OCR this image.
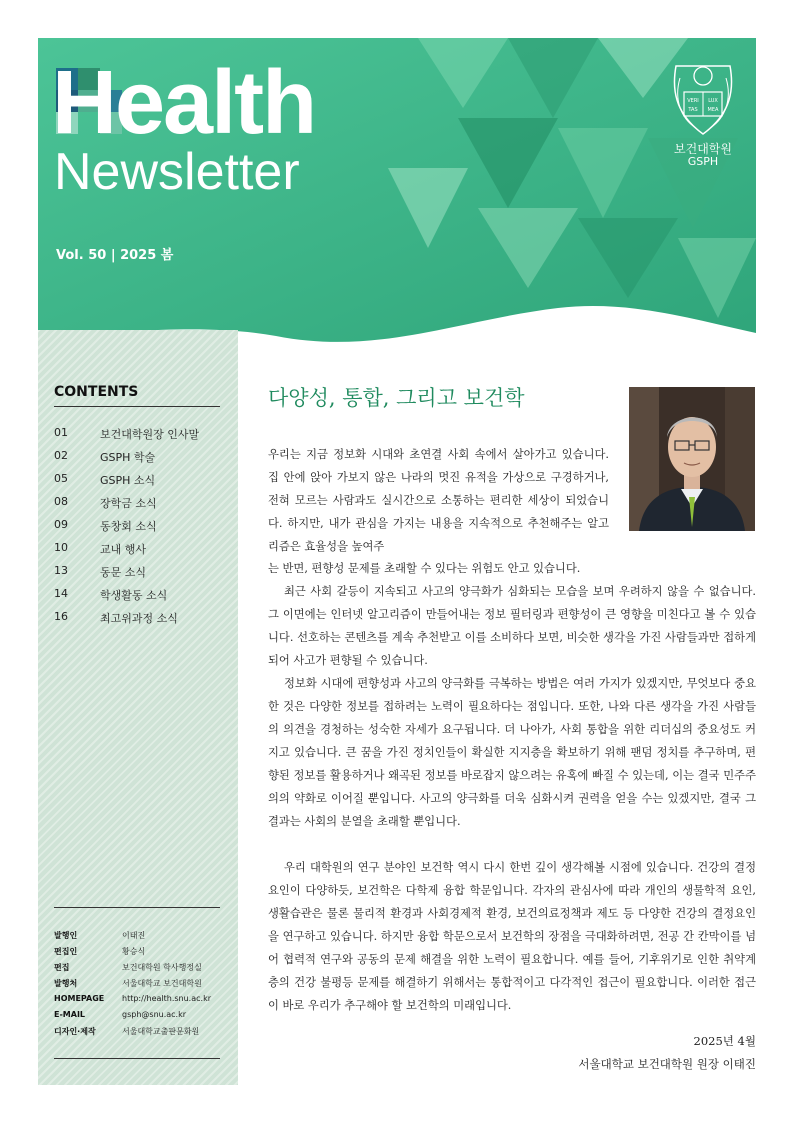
Health
Newsletter
Vol. 50 | 2025 봄
VERI LUX
TAS MEA
보건대학원
GSPH
CONTENTS
01	보건대학원장 인사말
02	GSPH 학술
05	GSPH 소식
08	장학금 소식
09	동창회 소식
10	교내 행사
13	동문 소식
14	학생활동 소식
16	최고위과정 소식
발행인	이태진
편집인	황승식
편집	보건대학원 학사행정실
발행처	서울대학교 보건대학원
HOMEPAGE	http://health.snu.ac.kr
E-MAIL	gsph@snu.ac.kr
디자인·제작	서울대학교출판문화원
다양성, 통합, 그리고 보건학

우리는 지금 정보화 시대와 초연결 사회 속에서 살아가고 있습니다. 집 안에 앉아 가보지 않은 나라의 멋진 유적을 가상으로 구경하거나, 전혀 모르는 사람과도 실시간으로 소통하는 편리한 세상이 되었습니다. 하지만, 내가 관심을 가지는 내용을 지속적으로 추천해주는 알고리즘은 효율성을 높여주

는 반면, 편향성 문제를 초래할 수 있다는 위험도 안고 있습니다.

최근 사회 갈등이 지속되고 사고의 양극화가 심화되는 모습을 보며 우려하지 않을 수 없습니다. 그 이면에는 인터넷 알고리즘이 만들어내는 정보 필터링과 편향성이 큰 영향을 미친다고 볼 수 있습니다. 선호하는 콘텐츠를 계속 추천받고 이를 소비하다 보면, 비슷한 생각을 가진 사람들과만 접하게 되어 사고가 편향될 수 있습니다.

정보화 시대에 편향성과 사고의 양극화를 극복하는 방법은 여러 가지가 있겠지만, 무엇보다 중요한 것은 다양한 정보를 접하려는 노력이 필요하다는 점입니다. 또한, 나와 다른 생각을 가진 사람들의 의견을 경청하는 성숙한 자세가 요구됩니다. 더 나아가, 사회 통합을 위한 리더십의 중요성도 커지고 있습니다. 큰 꿈을 가진 정치인들이 확실한 지지층을 확보하기 위해 팬덤 정치를 추구하며, 편향된 정보를 활용하거나 왜곡된 정보를 바로잡지 않으려는 유혹에 빠질 수 있는데, 이는 결국 민주주의의 약화로 이어질 뿐입니다. 사고의 양극화를 더욱 심화시켜 권력을 얻을 수는 있겠지만, 결국 그 결과는 사회의 분열을 초래할 뿐입니다.

우리 대학원의 연구 분야인 보건학 역시 다시 한번 깊이 생각해볼 시점에 있습니다. 건강의 결정요인이 다양하듯, 보건학은 다학제 융합 학문입니다. 각자의 관심사에 따라 개인의 생물학적 요인, 생활습관은 물론 물리적 환경과 사회경제적 환경, 보건의료정책과 제도 등 다양한 건강의 결정요인을 연구하고 있습니다. 하지만 융합 학문으로서 보건학의 장점을 극대화하려면, 전공 간 칸막이를 넘어 협력적 연구와 공동의 문제 해결을 위한 노력이 필요합니다. 예를 들어, 기후위기로 인한 취약계층의 건강 불평등 문제를 해결하기 위해서는 통합적이고 다각적인 접근이 필요합니다. 이러한 접근이 바로 우리가 추구해야 할 보건학의 미래입니다.

2025년 4월
서울대학교 보건대학원 원장 이태진
